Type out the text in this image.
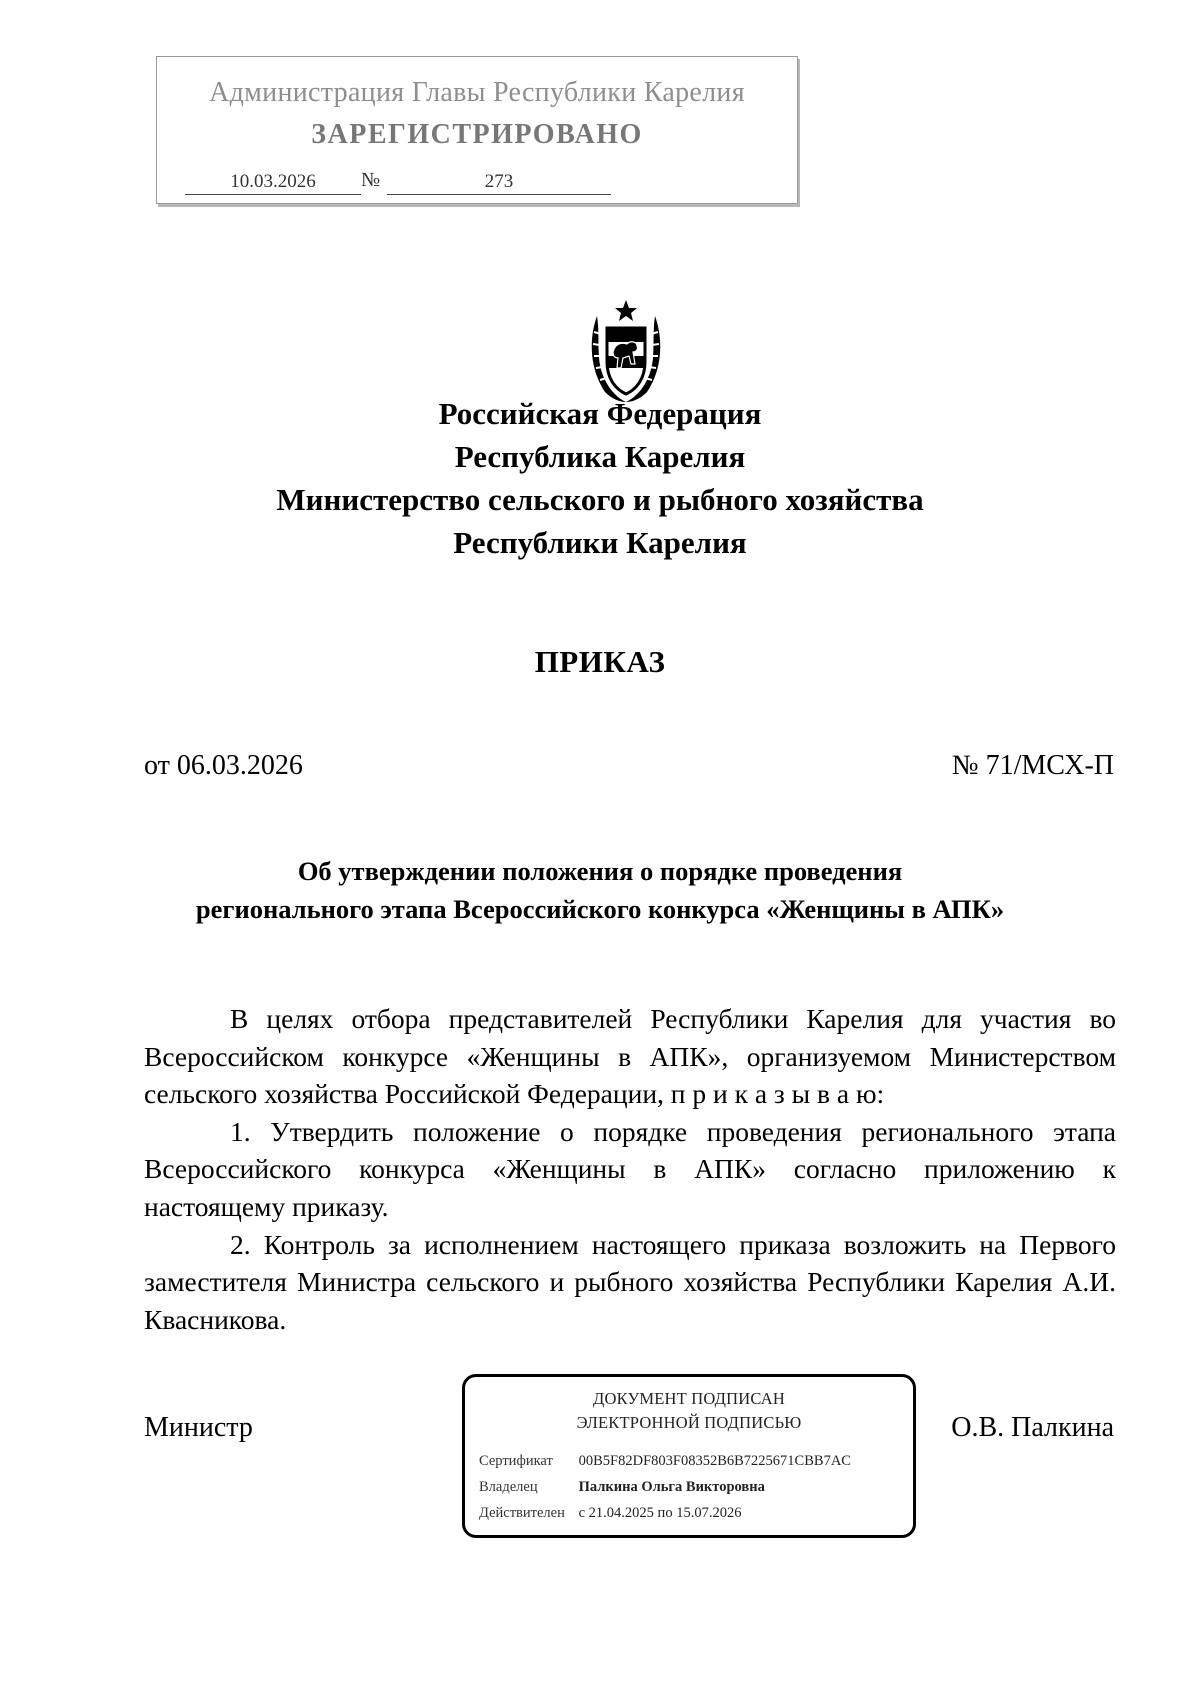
Администрация Главы Республики Карелия
ЗАРЕГИСТРИРОВАНО
10.03.2026	№	273
Российская Федерация
Республика Карелия
Министерство сельского и рыбного хозяйства
Республики Карелия
ПРИКАЗ
от 06.03.2026	№ 71/МСХ-П
Об утверждении положения о порядке проведения
регионального этапа Всероссийского конкурса «Женщины в АПК»

В целях отбора представителей Республики Карелия для участия во Всероссийском конкурсе «Женщины в АПК», организуемом Министерством сельского хозяйства Российской Федерации, п р и к а з ы в а ю:

1. Утвердить положение о порядке проведения регионального этапа Всероссийского конкурса «Женщины в АПК» согласно приложению к настоящему приказу.

2. Контроль за исполнением настоящего приказа возложить на Первого заместителя Министра сельского и рыбного хозяйства Республики Карелия А.И. Квасникова.

Министр
ДОКУМЕНТ ПОДПИСАН
ЭЛЕКТРОННОЙ ПОДПИСЬЮ
Сертификат 00B5F82DF803F08352B6B7225671CBB7AC
Владелец	Палкина Ольга Викторовна
Действителен с 21.04.2025 по 15.07.2026
О.В. Палкина
